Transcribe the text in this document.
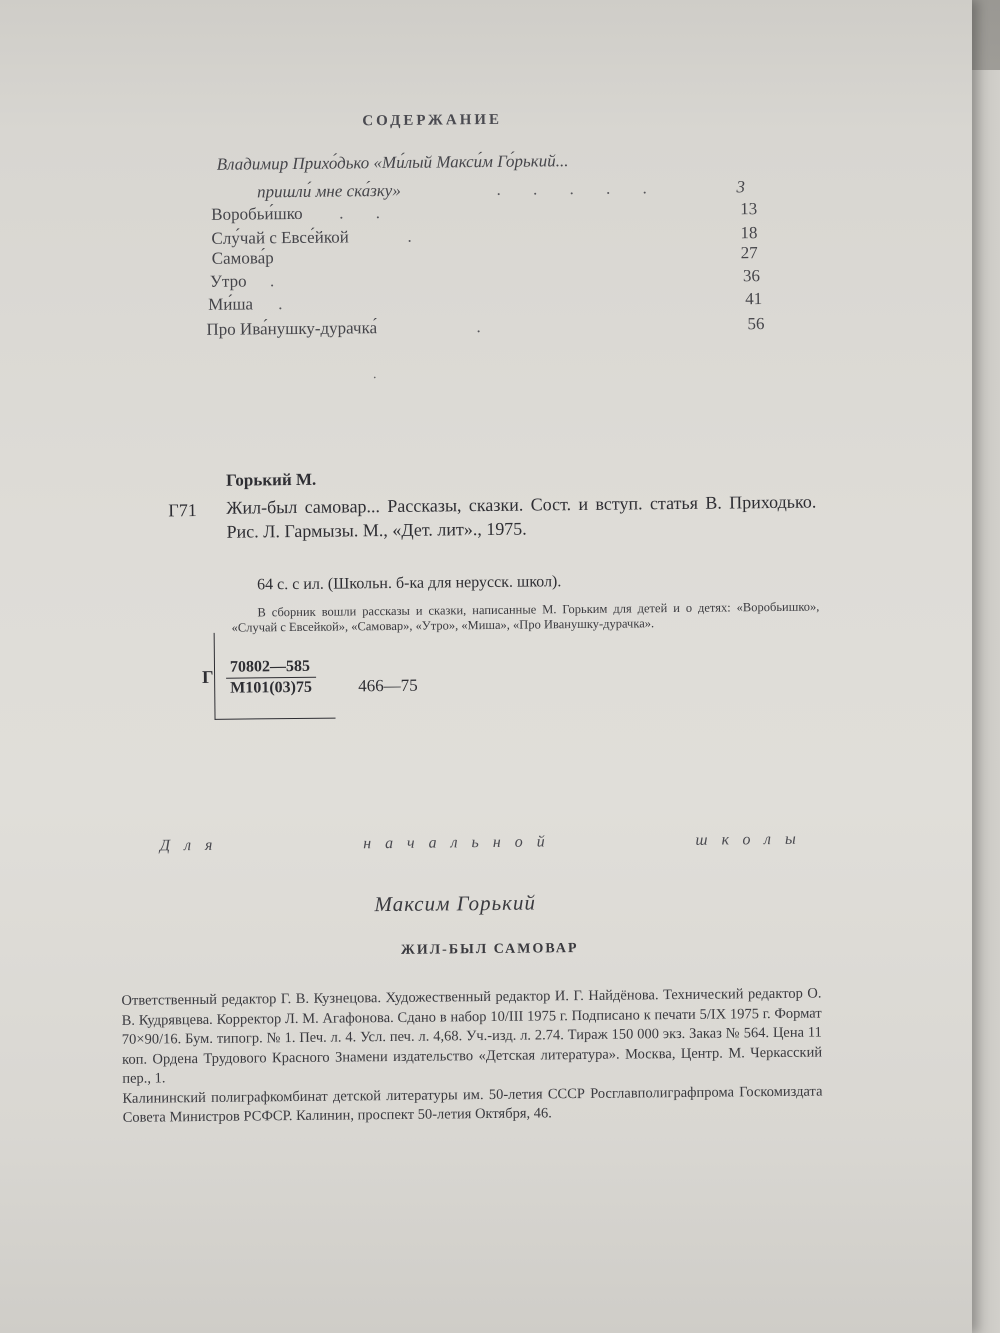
СОДЕРЖАНИЕ
Владимир Прихо́дько «Ми́лый Макси́м Го́рький...
пришли́ мне ска́зку»	. . . . .	3
Воробьи́шко . .	13
Слу́чай с Евсе́йкой	.	18
Самова́р	27
Утро .	36
Ми́ша .	41
Про Ива́нушку-дурачка́	.	56
.
Горький М.
Г71 Жил-был самовар... Рассказы, сказки. Сост. и вступ. статья В. Приходько. Рис. Л. Гармызы. М., «Дет. лит»., 1975.
64 с. с ил. (Школьн. б-ка для нерусск. школ).
В сборник вошли рассказы и сказки, написанные М. Горьким для детей и о детях: «Воробьишко», «Случай с Евсейкой», «Самовар», «Утро», «Миша», «Про Иванушку-дурачка».
Г
70802—585
М101(03)75	466—75
Для	начальной	школы
Максим Горький
ЖИЛ-БЫЛ САМОВАР

Ответственный редактор Г. В. Кузнецова. Художественный редактор И. Г. Найдёнова. Технический редактор О. В. Кудрявцева. Корректор Л. М. Агафонова. Сдано в набор 10/III 1975 г. Подписано к печати 5/IX 1975 г. Формат 70×90/16. Бум. типогр. № 1. Печ. л. 4. Усл. печ. л. 4,68. Уч.-изд. л. 2.74. Тираж 150 000 экз. Заказ № 564. Цена 11 коп. Ордена Трудового Красного Знамени издательство «Детская литература». Москва, Центр. М. Черкасский пер., 1.

Калининский полиграфкомбинат детской литературы им. 50-летия СССР Росглавполиграфпрома Госкомиздата Совета Министров РСФСР. Калинин, проспект 50-летия Октября, 46.
